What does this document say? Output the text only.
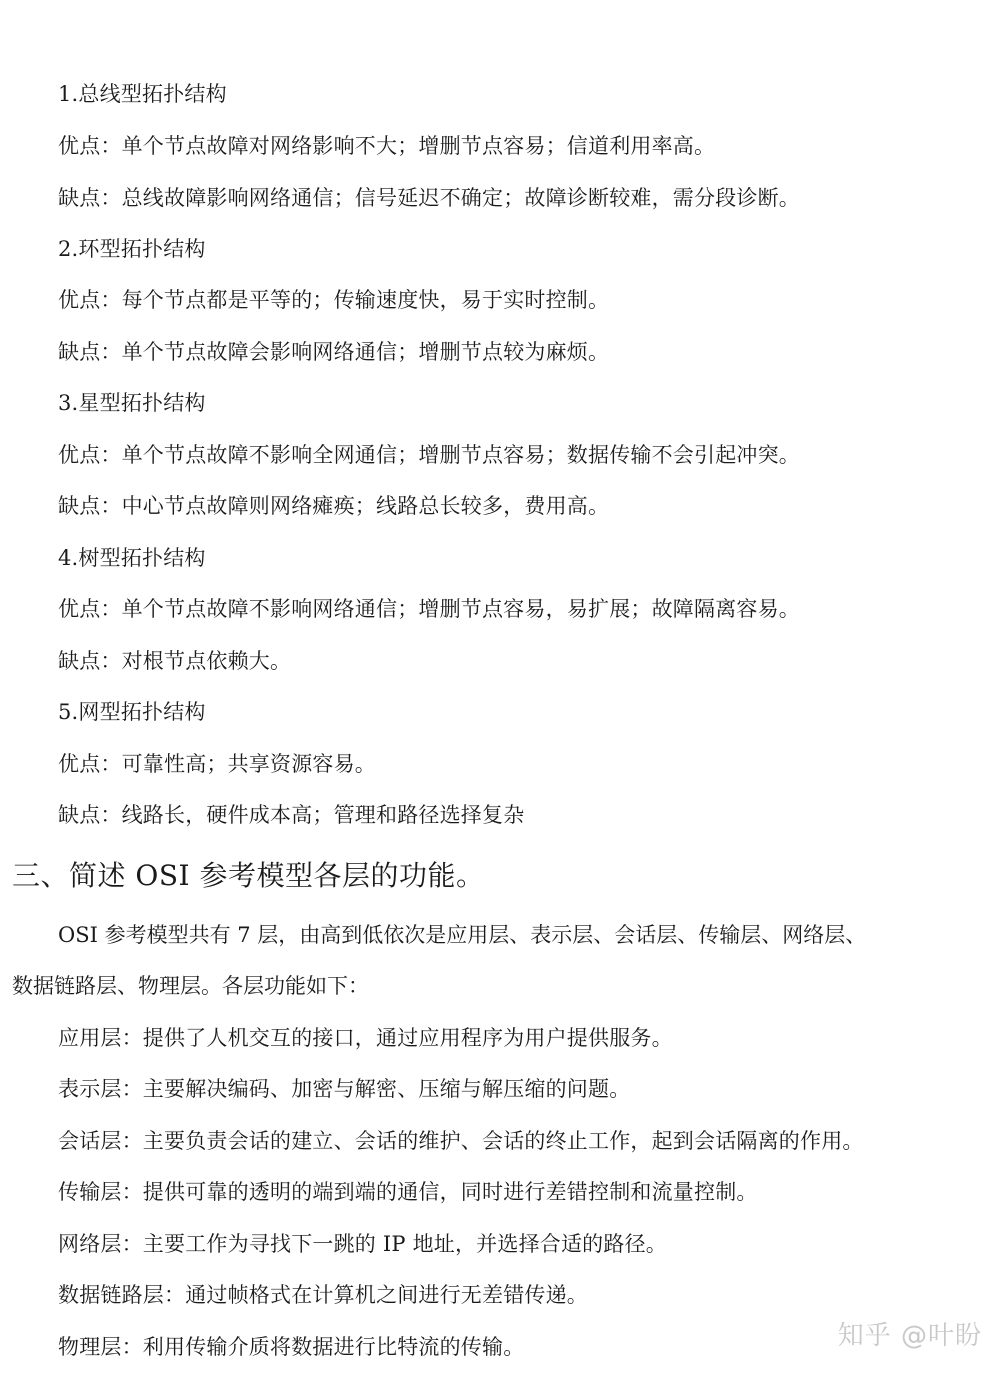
1.总线型拓扑结构
优点：单个节点故障对网络影响不大；增删节点容易；信道利用率高。
缺点：总线故障影响网络通信；信号延迟不确定；故障诊断较难，需分段诊断。
2.环型拓扑结构
优点：每个节点都是平等的；传输速度快，易于实时控制。
缺点：单个节点故障会影响网络通信；增删节点较为麻烦。
3.星型拓扑结构
优点：单个节点故障不影响全网通信；增删节点容易；数据传输不会引起冲突。
缺点：中心节点故障则网络瘫痪；线路总长较多，费用高。
4.树型拓扑结构
优点：单个节点故障不影响网络通信；增删节点容易，易扩展；故障隔离容易。
缺点：对根节点依赖大。
5.网型拓扑结构
优点：可靠性高；共享资源容易。
缺点：线路长，硬件成本高；管理和路径选择复杂
三、简述 OSI 参考模型各层的功能。
OSI 参考模型共有 7 层，由高到低依次是应用层、表示层、会话层、传输层、网络层、
数据链路层、物理层。各层功能如下：
应用层：提供了人机交互的接口，通过应用程序为用户提供服务。
表示层：主要解决编码、加密与解密、压缩与解压缩的问题。
会话层：主要负责会话的建立、会话的维护、会话的终止工作，起到会话隔离的作用。
传输层：提供可靠的透明的端到端的通信，同时进行差错控制和流量控制。
网络层：主要工作为寻找下一跳的 IP 地址，并选择合适的路径。
数据链路层：通过帧格式在计算机之间进行无差错传递。
物理层：利用传输介质将数据进行比特流的传输。	知乎 @叶盼
